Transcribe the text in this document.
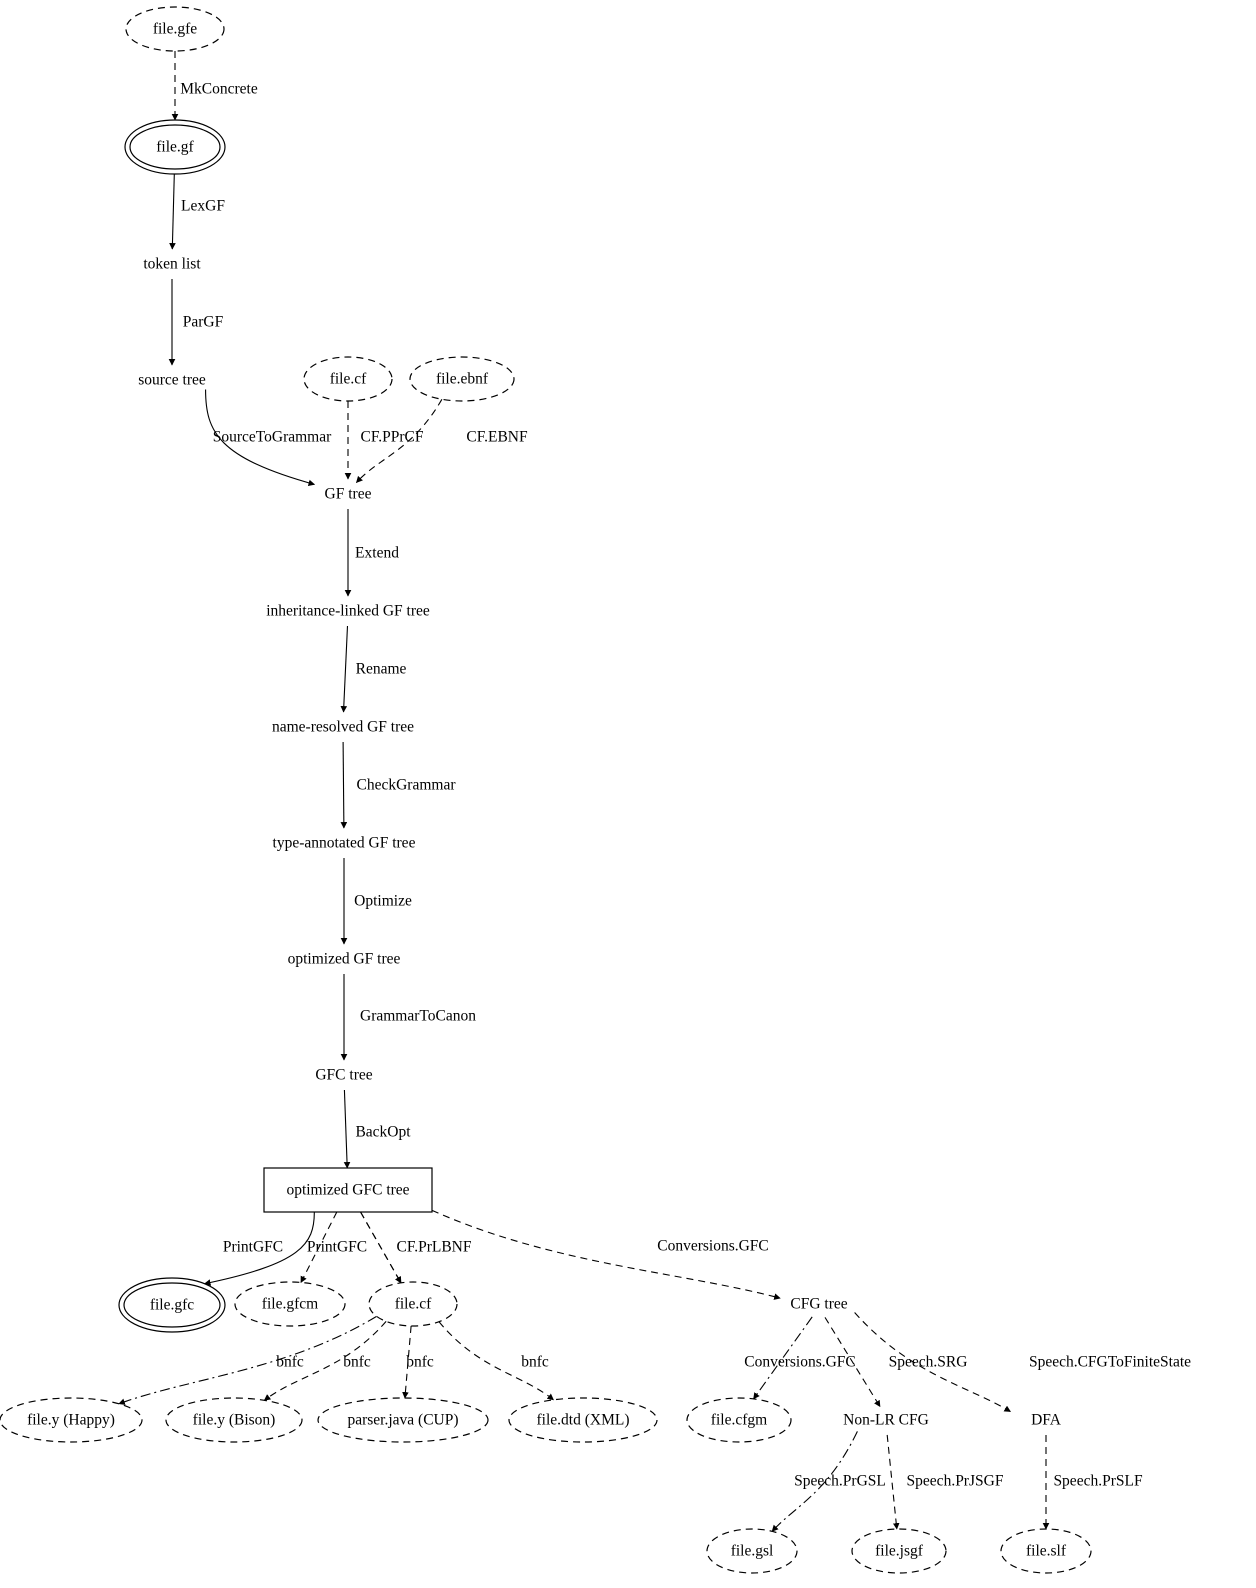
file.gfe
file.gf
token list
source tree	file.cf	file.ebnf
GF tree
inheritance-linked GF tree
name-resolved GF tree
type-annotated GF tree
optimized GF tree
GFC tree
optimized GFC tree
file.gfc	file.gfcm	file.cf	CFG tree
file.y (Happy)	file.y (Bison)	parser.java (CUP)	file.dtd (XML)	file.cfgm	Non-LR CFG	DFA
file.gsl	file.jsgf	file.slf
MkConcrete
LexGF
ParGF
SourceToGrammar CF.PPrCF	CF.EBNF
Extend
Rename
CheckGrammar
Optimize
GrammarToCanon
BackOpt
PrintGFC PrintGFC CF.PrLBNF	Conversions.GFC
bnfc	bnfc bnfc	bnfc	Conversions.GFC Speech.SRG	Speech.CFGToFiniteState
Speech.PrGSL Speech.PrJSGF	Speech.PrSLF
